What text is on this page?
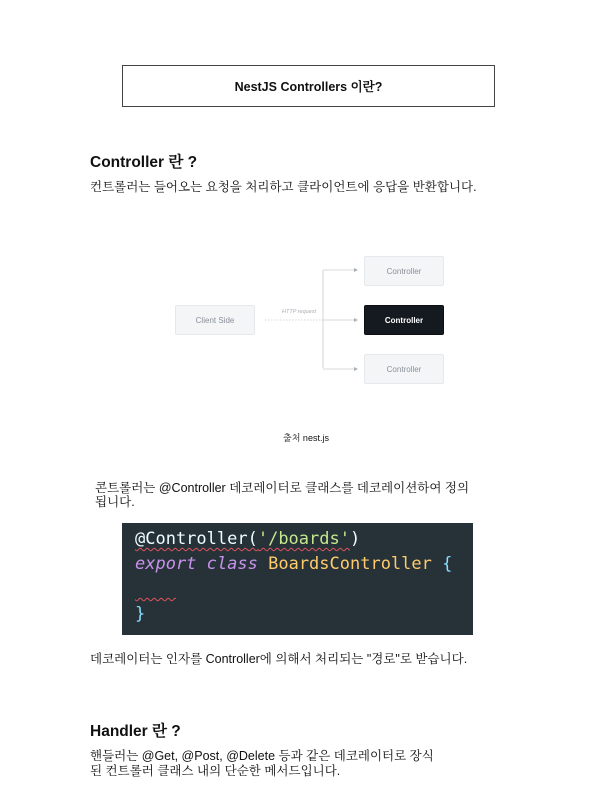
NestJS Controllers 이란?
Controller 란 ?
컨트롤러는 들어오는 요청을 처리하고 클라이언트에 응답을 반환합니다.
Client Side
HTTP request
Controller
Controller
Controller
출처 nest.js
콘트롤러는 @Controller 데코레이터로 클래스를 데코레이션하여 정의
됩니다.
@Controller('/boards')
export class BoardsController {

}
데코레이터는 인자를 Controller에 의해서 처리되는 "경로"로 받습니다.
Handler 란 ?
핸들러는 @Get, @Post, @Delete 등과 같은 데코레이터로 장식
된 컨트롤러 클래스 내의 단순한 메서드입니다.
